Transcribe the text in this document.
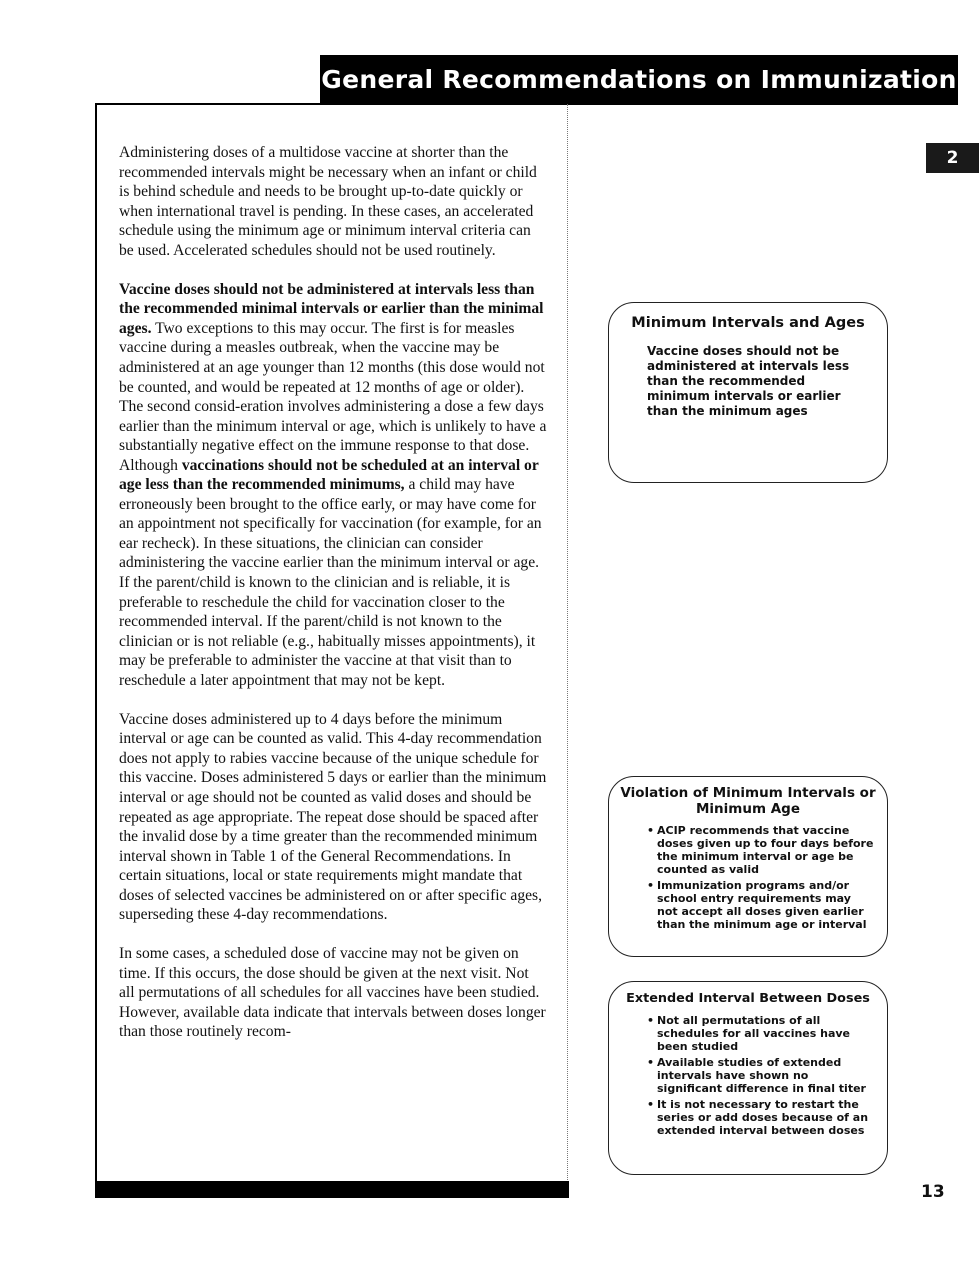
General Recommendations on Immunization
2

Administering doses of a multidose vaccine at shorter than the recommended intervals might be necessary when an infant or child is behind schedule and needs to be brought up-to-date quickly or when international travel is pending. In these cases, an accelerated schedule using the minimum age or minimum interval criteria can be used. Accelerated schedules should not be used routinely.

Vaccine doses should not be administered at intervals less than the recommended minimal intervals or earlier than the minimal ages. Two exceptions to this may occur. The first is for measles vaccine during a measles outbreak, when the vaccine may be administered at an age younger than 12 months (this dose would not be counted, and would be repeated at 12 months of age or older). The second consid-eration involves administering a dose a few days earlier than the minimum interval or age, which is unlikely to have a substantially negative effect on the immune response to that dose. Although vaccinations should not be scheduled at an interval or age less than the recommended minimums, a child may have erroneously been brought to the office early, or may have come for an appointment not specifically for vaccination (for example, for an ear recheck). In these situations, the clinician can consider administering the vaccine earlier than the minimum interval or age. If the parent/child is known to the clinician and is reliable, it is preferable to reschedule the child for vaccination closer to the recommended interval. If the parent/child is not known to the clinician or is not reliable (e.g., habitually misses appointments), it may be preferable to administer the vaccine at that visit than to reschedule a later appointment that may not be kept.

Vaccine doses administered up to 4 days before the minimum interval or age can be counted as valid. This 4-day recommendation does not apply to rabies vaccine because of the unique schedule for this vaccine. Doses administered 5 days or earlier than the minimum interval or age should not be counted as valid doses and should be repeated as age appropriate. The repeat dose should be spaced after the invalid dose by a time greater than the recommended minimum interval shown in Table 1 of the General Recommendations. In certain situations, local or state requirements might mandate that doses of selected vaccines be administered on or after specific ages, superseding these 4-day recommendations.

In some cases, a scheduled dose of vaccine may not be given on time. If this occurs, the dose should be given at the next visit. Not all permutations of all schedules for all vaccines have been studied. However, available data indicate that intervals between doses longer than those routinely recom-

Minimum Intervals and Ages
Vaccine doses should not be administered at intervals less than the recommended minimum intervals or earlier than the minimum ages
Violation of Minimum Intervals or Minimum Age
• ACIP recommends that vaccine doses given up to four days before the minimum interval or age be counted as valid
• Immunization programs and/or school entry requirements may not accept all doses given earlier than the minimum age or interval
Extended Interval Between Doses
• Not all permutations of all schedules for all vaccines have been studied
• Available studies of extended intervals have shown no significant difference in final titer
• It is not necessary to restart the series or add doses because of an extended interval between doses
13
